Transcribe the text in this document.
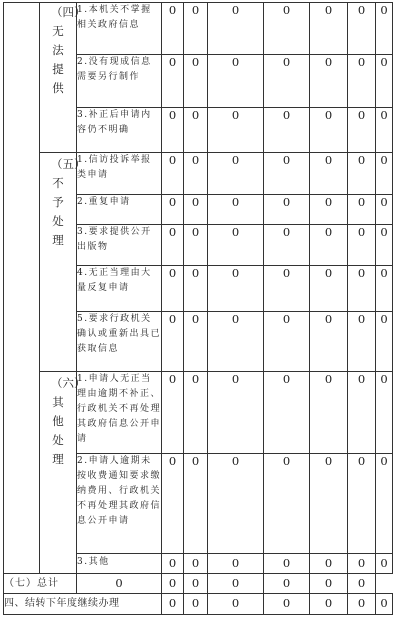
	（四）无法提供	1.本机关不掌握相关政府信息	0	0	0	0	0	0	0
		2.没有现成信息需要另行制作	0	0	0	0	0	0	0
		3.补正后申请内容仍不明确	0	0	0	0	0	0	0
	（五）不予处理	1.信访投诉举报类申请	0	0	0	0	0	0	0
		2.重复申请	0	0	0	0	0	0	0
		3.要求提供公开出版物	0	0	0	0	0	0	0
		4.无正当理由大量反复申请	0	0	0	0	0	0	0
		5.要求行政机关确认或重新出具已获取信息	0	0	0	0	0	0	0
	（六）其他处理	1.申请人无正当理由逾期不补正、行政机关不再处理其政府信息公开申请	0	0	0	0	0	0	0
		2.申请人逾期未按收费通知要求缴纳费用、行政机关不再处理其政府信息公开申请	0	0	0	0	0	0	0
		3.其他	0	0	0	0	0	0	0
（七）总计		0	0	0	0	0	0	0	
四、结转下年度继续办理			0	0	0	0	0	0	0
